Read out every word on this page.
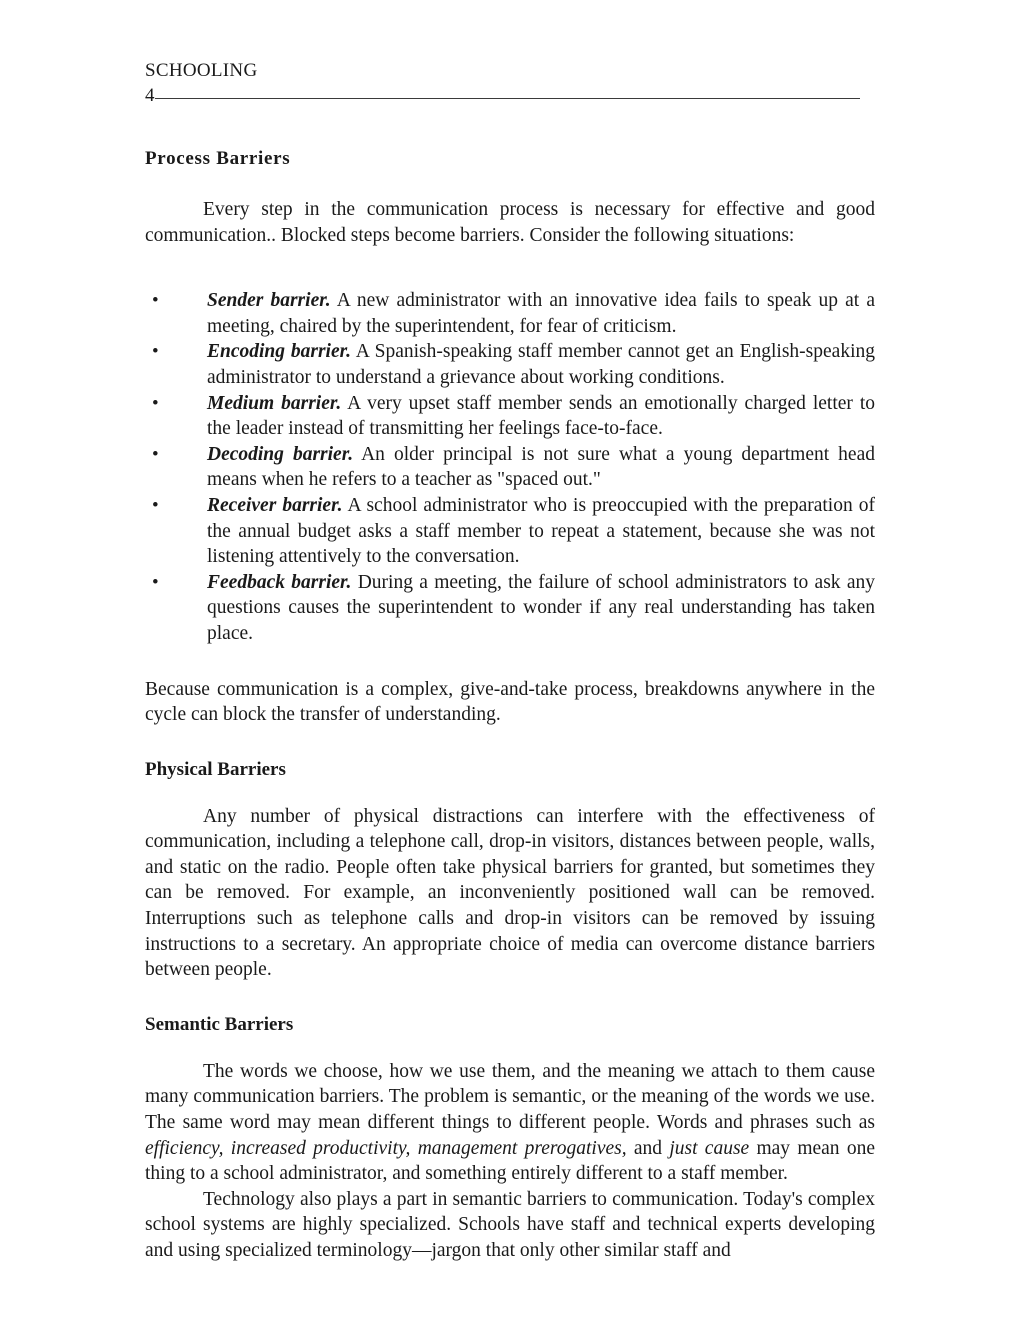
SCHOOLING
4
Process Barriers

Every step in the communication process is necessary for effective and good communication.. Blocked steps become barriers. Consider the following situations:

• Sender barrier. A new administrator with an innovative idea fails to speak up at a meeting, chaired by the superintendent, for fear of criticism.
• Encoding barrier. A Spanish-speaking staff member cannot get an English-speaking administrator to understand a grievance about working conditions.
• Medium barrier. A very upset staff member sends an emotionally charged letter to the leader instead of transmitting her feelings face-to-face.
• Decoding barrier. An older principal is not sure what a young department head means when he refers to a teacher as "spaced out."
• Receiver barrier. A school administrator who is preoccupied with the preparation of the annual budget asks a staff member to repeat a statement, because she was not listening attentively to the conversation.
• Feedback barrier. During a meeting, the failure of school administrators to ask any questions causes the superintendent to wonder if any real understanding has taken place.

Because communication is a complex, give-and-take process, breakdowns anywhere in the cycle can block the transfer of understanding.

Physical Barriers

Any number of physical distractions can interfere with the effectiveness of communication, including a telephone call, drop-in visitors, distances between people, walls, and static on the radio. People often take physical barriers for granted, but sometimes they can be removed. For example, an inconveniently positioned wall can be removed. Interruptions such as telephone calls and drop-in visitors can be removed by issuing instructions to a secretary. An appropriate choice of media can overcome distance barriers between people.

Semantic Barriers

The words we choose, how we use them, and the meaning we attach to them cause many communication barriers. The problem is semantic, or the meaning of the words we use. The same word may mean different things to different people. Words and phrases such as efficiency, increased productivity, management prerogatives, and just cause may mean one thing to a school administrator, and something entirely different to a staff member.

Technology also plays a part in semantic barriers to communication. Today's complex school systems are highly specialized. Schools have staff and technical experts developing and using specialized terminology—jargon that only other similar staff and
